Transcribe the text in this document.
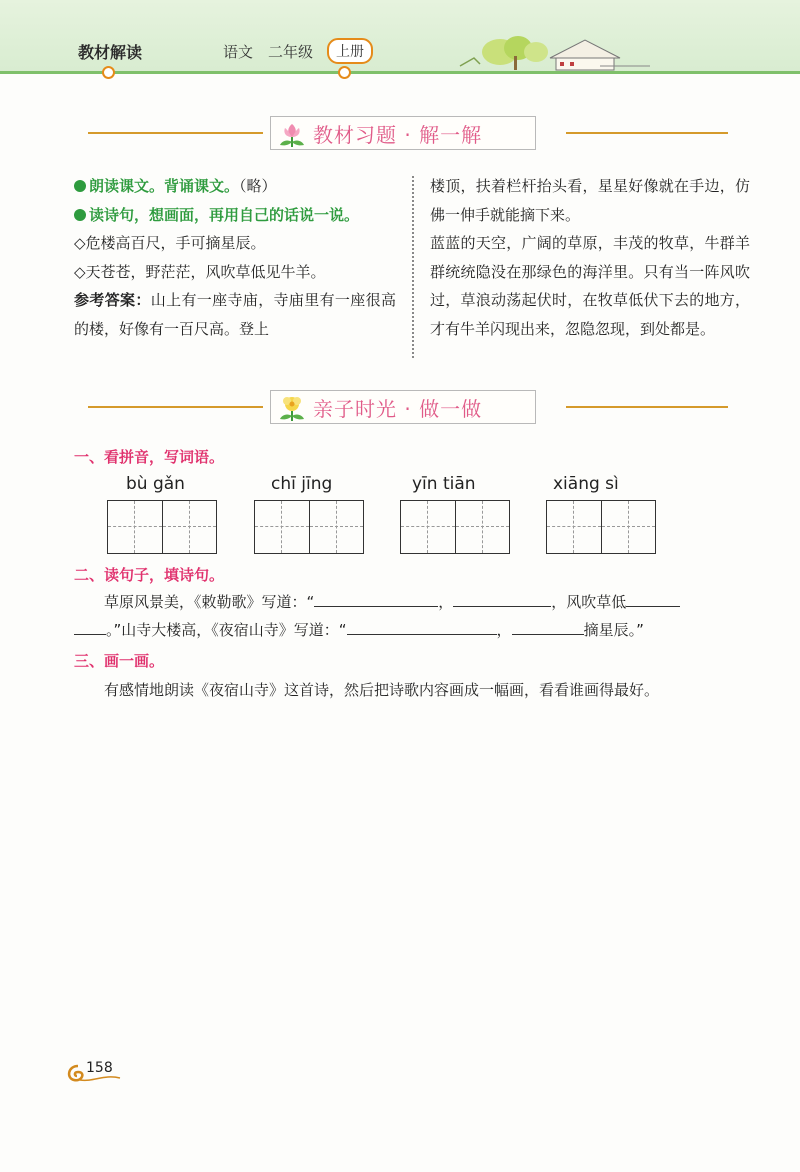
教材解读	语文 二年级	上册
教材习题 · 解一解
朗读课文。背诵课文。（略）
读诗句，想画面，再用自己的话说一说。
◇危楼高百尺，手可摘星辰。
◇天苍苍，野茫茫，风吹草低见牛羊。
参考答案：山上有一座寺庙，寺庙里有一座很高的楼，好像有一百尺高。登上
楼顶，扶着栏杆抬头看，星星好像就在手边，仿佛一伸手就能摘下来。
蓝蓝的天空，广阔的草原，丰茂的牧草，牛群羊群统统隐没在那绿色的海洋里。只有当一阵风吹过，草浪动荡起伏时，在牧草低伏下去的地方，才有牛羊闪现出来，忽隐忽现，到处都是。
亲子时光 · 做一做
一、看拼音，写词语。
bù gǎn	chī jīng	yīn tiān	xiāng sì
二、读句子，填诗句。
草原风景美，《敕勒歌》写道：“	，	，风吹草低
。”山寺大楼高，《夜宿山寺》写道：“	，	摘星辰。”
三、画一画。
有感情地朗读《夜宿山寺》这首诗，然后把诗歌内容画成一幅画，看看谁画得最好。
158
